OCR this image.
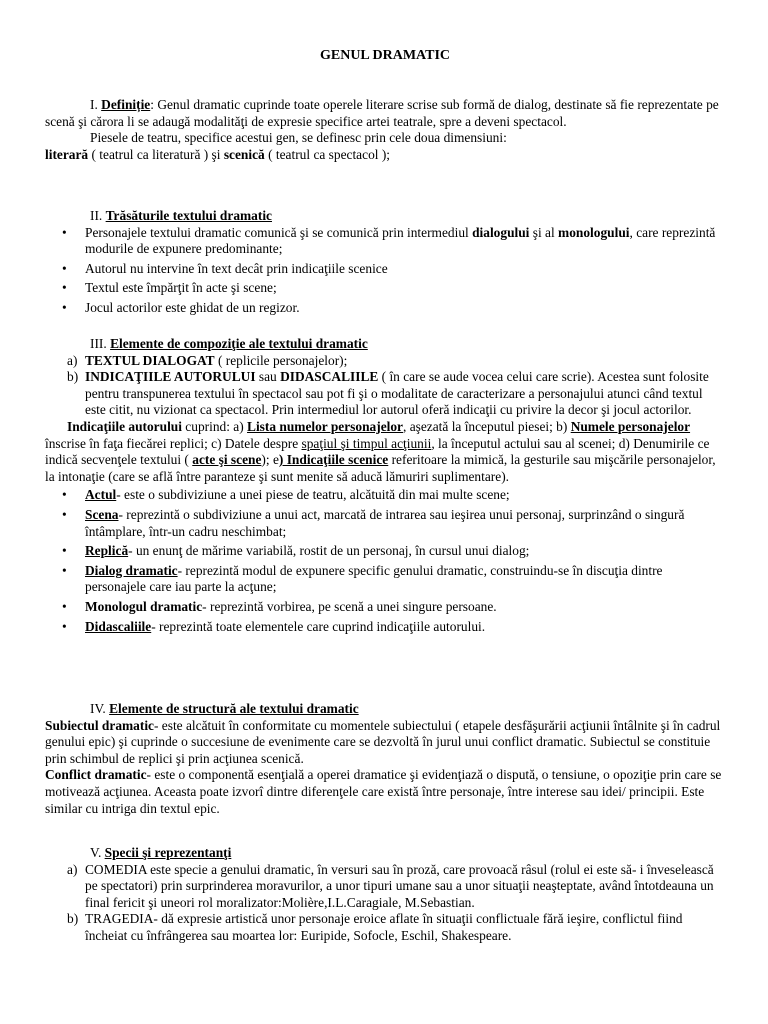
GENUL DRAMATIC

I. Definiție: Genul dramatic cuprinde toate operele literare scrise sub formă de dialog, destinate să fie reprezentate pe scenă şi cărora li se adaugă modalităţi de expresie specifice artei teatrale, spre a deveni spectacol.

Piesele de teatru, specifice acestui gen, se definesc prin cele doua dimensiuni:

literară ( teatrul ca literatură ) şi scenică ( teatrul ca spectacol );

II. Trăsăturile textului dramatic

• Personajele textului dramatic comunică şi se comunică prin intermediul dialogului şi al monologului, care reprezintă modurile de expunere predominante;
• Autorul nu intervine în text decât prin indicaţiile scenice
• Textul este împărţit în acte şi scene;
• Jocul actorilor este ghidat de un regizor.

III. Elemente de compoziţie ale textului dramatic

a) TEXTUL DIALOGAT ( replicile personajelor);
b) INDICAŢIILE AUTORULUI sau DIDASCALIILE ( în care se aude vocea celui care scrie). Acestea sunt folosite pentru transpunerea textului în spectacol sau pot fi şi o modalitate de caracterizare a personajului atunci când textul este citit, nu vizionat ca spectacol. Prin intermediul lor autorul oferă indicaţii cu privire la decor şi jocul actorilor.

Indicaţiile autorului cuprind: a) Lista numelor personajelor, aşezată la începutul piesei; b) Numele personajelor înscrise în faţa fiecărei replici; c) Datele despre spaţiul şi timpul acţiunii, la începutul actului sau al scenei; d) Denumirile ce indică secvenţele textului ( acte şi scene); e) Indicaţiile scenice referitoare la mimică, la gesturile sau mişcările personajelor, la intonaţie (care se află între paranteze şi sunt menite să aducă lămuriri suplimentare).

• Actul- este o subdiviziune a unei piese de teatru, alcătuită din mai multe scene;
• Scena- reprezintă o subdiviziune a unui act, marcată de intrarea sau ieşirea unui personaj, surprinzând o singură întâmplare, într-un cadru neschimbat;
• Replică- un enunţ de mărime variabilă, rostit de un personaj, în cursul unui dialog;
• Dialog dramatic- reprezintă modul de expunere specific genului dramatic, construindu-se în discuţia dintre personajele care iau parte la acţune;
• Monologul dramatic- reprezintă vorbirea, pe scenă a unei singure persoane.
• Didascaliile- reprezintă toate elementele care cuprind indicaţiile autorului.

IV. Elemente de structură ale textului dramatic

Subiectul dramatic- este alcătuit în conformitate cu momentele subiectului ( etapele desfăşurării acţiunii întâlnite şi în cadrul genului epic) şi cuprinde o succesiune de evenimente care se dezvoltă în jurul unui conflict dramatic. Subiectul se constituie prin schimbul de replici şi prin acţiunea scenică.

Conflict dramatic- este o componentă esenţială a operei dramatice şi evidenţiază o dispută, o tensiune, o opoziţie prin care se motivează acţiunea. Aceasta poate izvorî dintre diferenţele care există între personaje, între interese sau idei/ principii. Este similar cu intriga din textul epic.

V. Specii şi reprezentanţi

a) COMEDIA este specie a genului dramatic, în versuri sau în proză, care provoacă râsul (rolul ei este să- i înveselească pe spectatori) prin surprinderea moravurilor, a unor tipuri umane sau a unor situaţii neaşteptate, având întotdeauna un final fericit şi uneori rol moralizator:Molière,I.L.Caragiale, M.Sebastian.
b) TRAGEDIA- dă expresie artistică unor personaje eroice aflate în situaţii conflictuale fără ieşire, conflictul fiind încheiat cu înfrângerea sau moartea lor: Euripide, Sofocle, Eschil, Shakespeare.
